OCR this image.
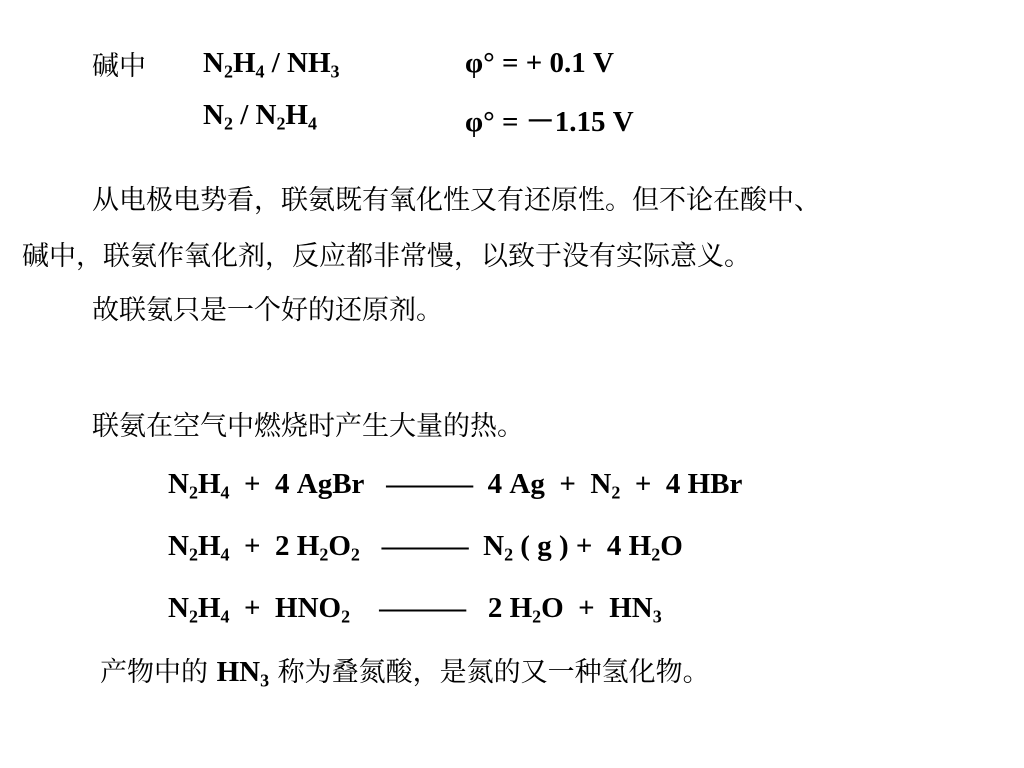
碱中 $N_2H_4 / NH_3$	φ° = + 0.1 V
$N_2 / N_2H_4$	φ° = －1.15 V
从电极电势看，联氨既有氧化性又有还原性。但不论在酸中、
碱中，联氨作氧化剂，反应都非常慢，以致于没有实际意义。
故联氨只是一个好的还原剂。
联氨在空气中燃烧时产生大量的热。
$N_2H_4 + 4$ AgBr   ———  4 $Ag + N_2 + 4$ HBr
$N_2H_4 + 2$ $H_2O_2$   ———  $N_2$ ( g ) +  4 $H_2O$
$N_2H_4 + HNO_2$    ———   2 $H_2O + HN_3$
产物中的 $HN_3$ 称为叠氮酸，是氮的又一种氢化物。
